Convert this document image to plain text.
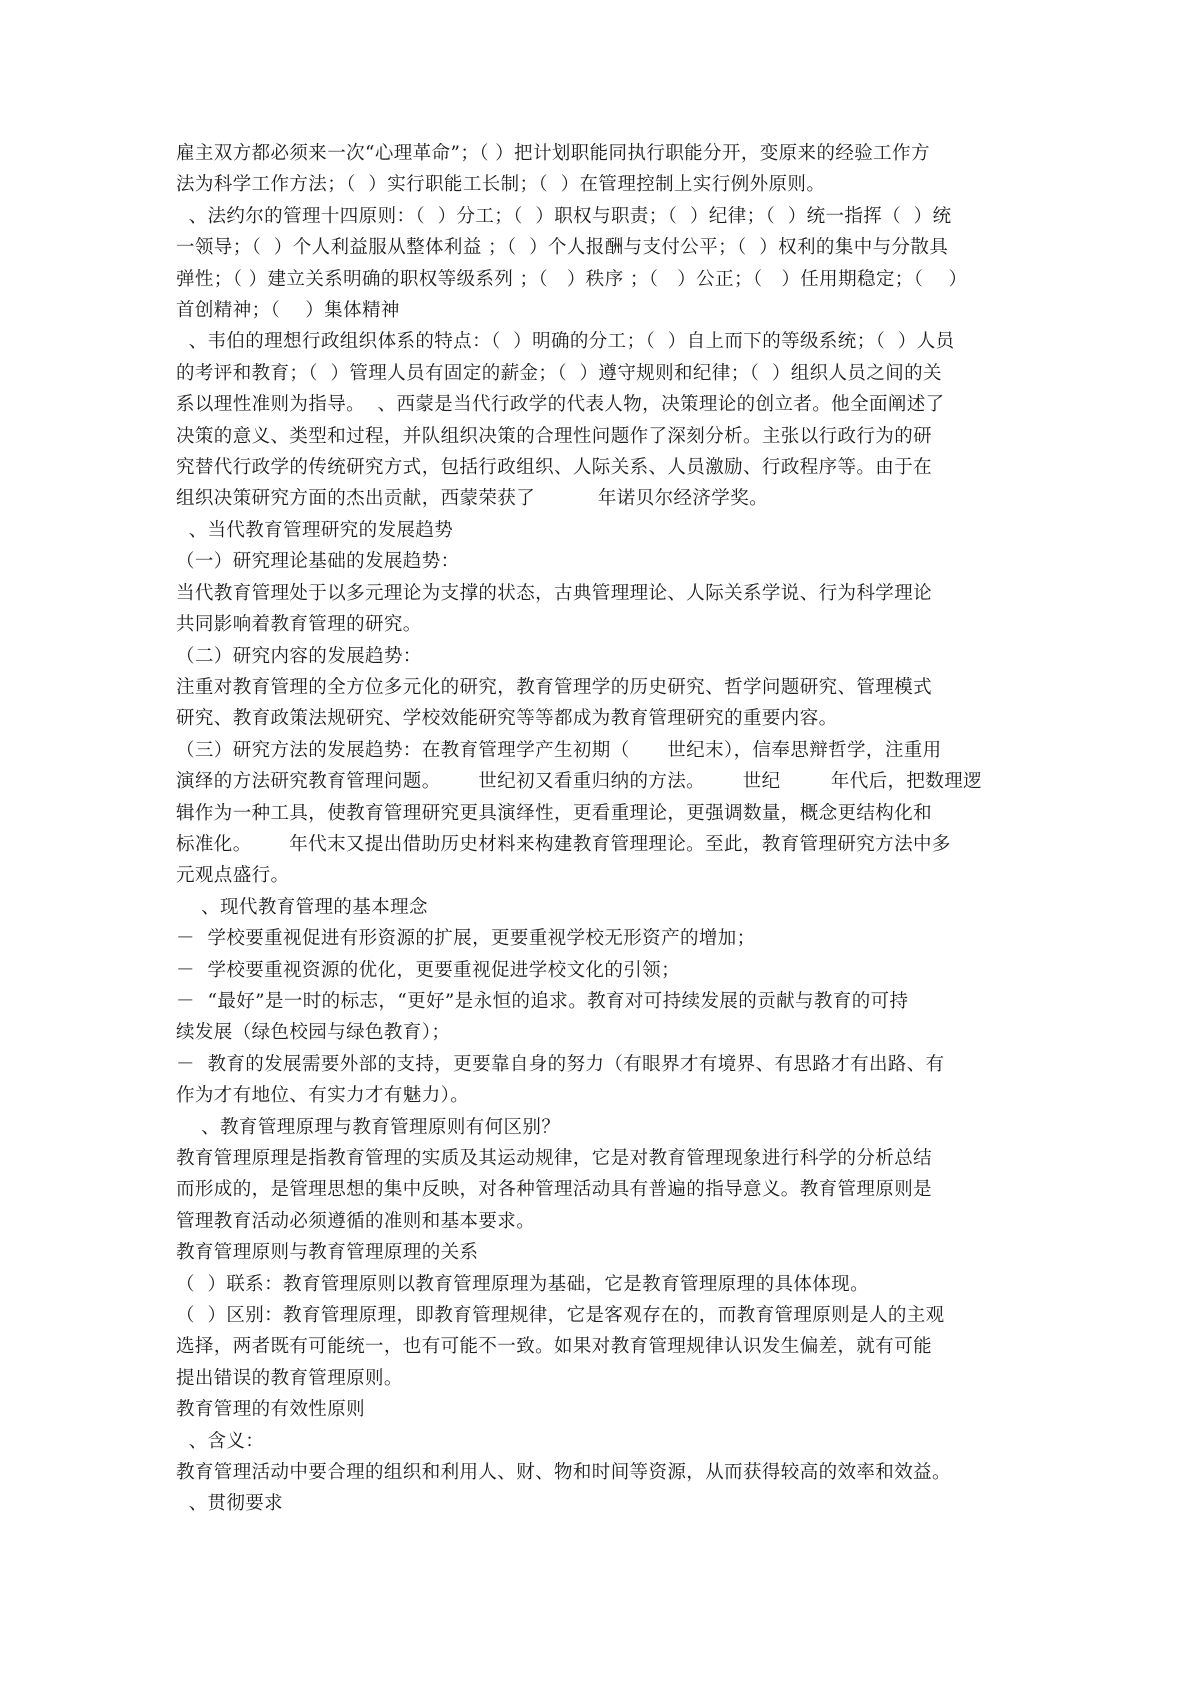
雇主双方都必须来一次“心理革命”；（ ）把计划职能同执行职能分开，变原来的经验工作方
法为科学工作方法；（  ）实行职能工长制；（  ）在管理控制上实行例外原则。
、法约尔的管理十四原则：（  ）分工；（  ）职权与职责；（  ）纪律；（  ）统一指挥（  ）统
一领导；（  ）个人利益服从整体利益 ；（  ）个人报酬与支付公平；（  ）权利的集中与分散具
弹性；（ ）建立关系明确的职权等级系列 ；（   ）秩序 ；（   ）公正；（   ）任用期稳定；（    ）
首创精神；（    ）集体精神
、韦伯的理想行政组织体系的特点：（  ）明确的分工；（  ）自上而下的等级系统；（  ）人员
的考评和教育；（  ）管理人员有固定的薪金；（  ）遵守规则和纪律；（  ）组织人员之间的关
系以理性准则为指导。  、西蒙是当代行政学的代表人物，决策理论的创立者。他全面阐述了
决策的意义、类型和过程，并队组织决策的合理性问题作了深刻分析。主张以行政行为的研
究替代行政学的传统研究方式，包括行政组织、人际关系、人员激励、行政程序等。由于在
组织决策研究方面的杰出贡献，西蒙荣获了          年诺贝尔经济学奖。
、当代教育管理研究的发展趋势
（一）研究理论基础的发展趋势：
当代教育管理处于以多元理论为支撑的状态，古典管理理论、人际关系学说、行为科学理论
共同影响着教育管理的研究。
（二）研究内容的发展趋势：
注重对教育管理的全方位多元化的研究，教育管理学的历史研究、哲学问题研究、管理模式
研究、教育政策法规研究、学校效能研究等等都成为教育管理研究的重要内容。
（三）研究方法的发展趋势：在教育管理学产生初期（      世纪末），信奉思辩哲学，注重用
演绎的方法研究教育管理问题。      世纪初又看重归纳的方法。      世纪        年代后，把数理逻
辑作为一种工具，使教育管理研究更具演绎性，更看重理论，更强调数量，概念更结构化和
标准化。      年代末又提出借助历史材料来构建教育管理理论。至此，教育管理研究方法中多
元观点盛行。
、现代教育管理的基本理念
－  学校要重视促进有形资源的扩展，更要重视学校无形资产的增加；
－  学校要重视资源的优化，更要重视促进学校文化的引领；
－  “最好”是一时的标志，“更好”是永恒的追求。教育对可持续发展的贡献与教育的可持
续发展（绿色校园与绿色教育）；
－  教育的发展需要外部的支持，更要靠自身的努力（有眼界才有境界、有思路才有出路、有
作为才有地位、有实力才有魅力）。
、教育管理原理与教育管理原则有何区别？
教育管理原理是指教育管理的实质及其运动规律，它是对教育管理现象进行科学的分析总结
而形成的，是管理思想的集中反映，对各种管理活动具有普遍的指导意义。教育管理原则是
管理教育活动必须遵循的准则和基本要求。
教育管理原则与教育管理原理的关系
（  ）联系：教育管理原则以教育管理原理为基础，它是教育管理原理的具体体现。
（  ）区别：教育管理原理，即教育管理规律，它是客观存在的，而教育管理原则是人的主观
选择，两者既有可能统一，也有可能不一致。如果对教育管理规律认识发生偏差，就有可能
提出错误的教育管理原则。
教育管理的有效性原则
、含义：
教育管理活动中要合理的组织和利用人、财、物和时间等资源，从而获得较高的效率和效益。
、贯彻要求
